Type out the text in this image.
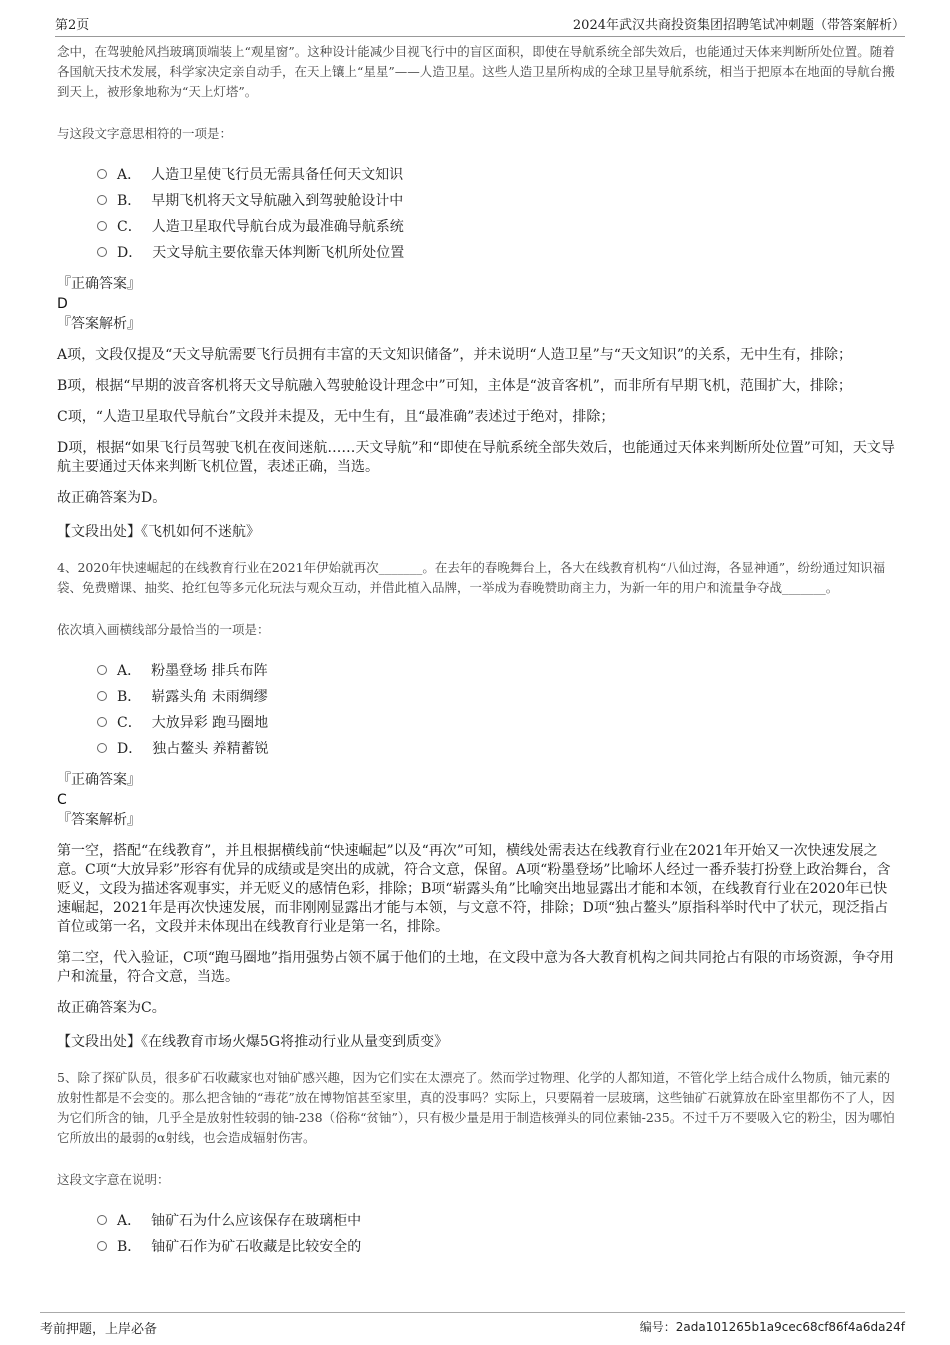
第2页	2024年武汉共商投资集团招聘笔试冲刺题（带答案解析）

念中，在驾驶舱风挡玻璃顶端装上“观星窗”。这种设计能减少目视飞行中的盲区面积，即使在导航系统全部失效后，也能通过天体来判断所处位置。随着各国航天技术发展，科学家决定亲自动手，在天上镶上“星星”——人造卫星。这些人造卫星所构成的全球卫星导航系统，相当于把原本在地面的导航台搬到天上，被形象地称为“天上灯塔”。

与这段文字意思相符的一项是：

A． 人造卫星使飞行员无需具备任何天文知识
B． 早期飞机将天文导航融入到驾驶舱设计中
C． 人造卫星取代导航台成为最准确导航系统
D． 天文导航主要依靠天体判断飞机所处位置
『正确答案』
D
『答案解析』

A项，文段仅提及“天文导航需要飞行员拥有丰富的天文知识储备”，并未说明“人造卫星”与“天文知识”的关系，无中生有，排除；

B项，根据“早期的波音客机将天文导航融入驾驶舱设计理念中”可知，主体是“波音客机”，而非所有早期飞机，范围扩大，排除；

C项，“人造卫星取代导航台”文段并未提及，无中生有，且“最准确”表述过于绝对，排除；

D项，根据“如果飞行员驾驶飞机在夜间迷航……天文导航”和“即使在导航系统全部失效后，也能通过天体来判断所处位置”可知，天文导航主要通过天体来判断飞机位置，表述正确，当选。

故正确答案为D。

【文段出处】《飞机如何不迷航》

4、2020年快速崛起的在线教育行业在2021年伊始就再次_______。在去年的春晚舞台上，各大在线教育机构“八仙过海，各显神通”，纷纷通过知识福袋、免费赠课、抽奖、抢红包等多元化玩法与观众互动，并借此植入品牌，一举成为春晚赞助商主力，为新一年的用户和流量争夺战_______。

依次填入画横线部分最恰当的一项是：

A． 粉墨登场 排兵布阵
B． 崭露头角 未雨绸缪
C． 大放异彩 跑马圈地
D． 独占鳌头 养精蓄锐
『正确答案』
C
『答案解析』

第一空，搭配“在线教育”，并且根据横线前“快速崛起”以及“再次”可知，横线处需表达在线教育行业在2021年开始又一次快速发展之意。C项“大放异彩”形容有优异的成绩或是突出的成就，符合文意，保留。A项“粉墨登场”比喻坏人经过一番乔装打扮登上政治舞台，含贬义，文段为描述客观事实，并无贬义的感情色彩，排除；B项“崭露头角”比喻突出地显露出才能和本领，在线教育行业在2020年已快速崛起，2021年是再次快速发展，而非刚刚显露出才能与本领，与文意不符，排除；D项“独占鳌头”原指科举时代中了状元，现泛指占首位或第一名，文段并未体现出在线教育行业是第一名，排除。

第二空，代入验证，C项“跑马圈地”指用强势占领不属于他们的土地，在文段中意为各大教育机构之间共同抢占有限的市场资源，争夺用户和流量，符合文意，当选。

故正确答案为C。

【文段出处】《在线教育市场火爆5G将推动行业从量变到质变》

5、除了探矿队员，很多矿石收藏家也对铀矿感兴趣，因为它们实在太漂亮了。然而学过物理、化学的人都知道，不管化学上结合成什么物质，铀元素的放射性都是不会变的。那么把含铀的“毒花”放在博物馆甚至家里，真的没事吗？实际上，只要隔着一层玻璃，这些铀矿石就算放在卧室里都伤不了人，因为它们所含的铀，几乎全是放射性较弱的铀-238（俗称“贫铀”），只有极少量是用于制造核弹头的同位素铀-235。不过千万不要吸入它的粉尘，因为哪怕它所放出的最弱的α射线，也会造成辐射伤害。

这段文字意在说明：

A． 铀矿石为什么应该保存在玻璃柜中
B． 铀矿石作为矿石收藏是比较安全的
考前押题，上岸必备	编号：2ada101265b1a9cec68cf86f4a6da24f
